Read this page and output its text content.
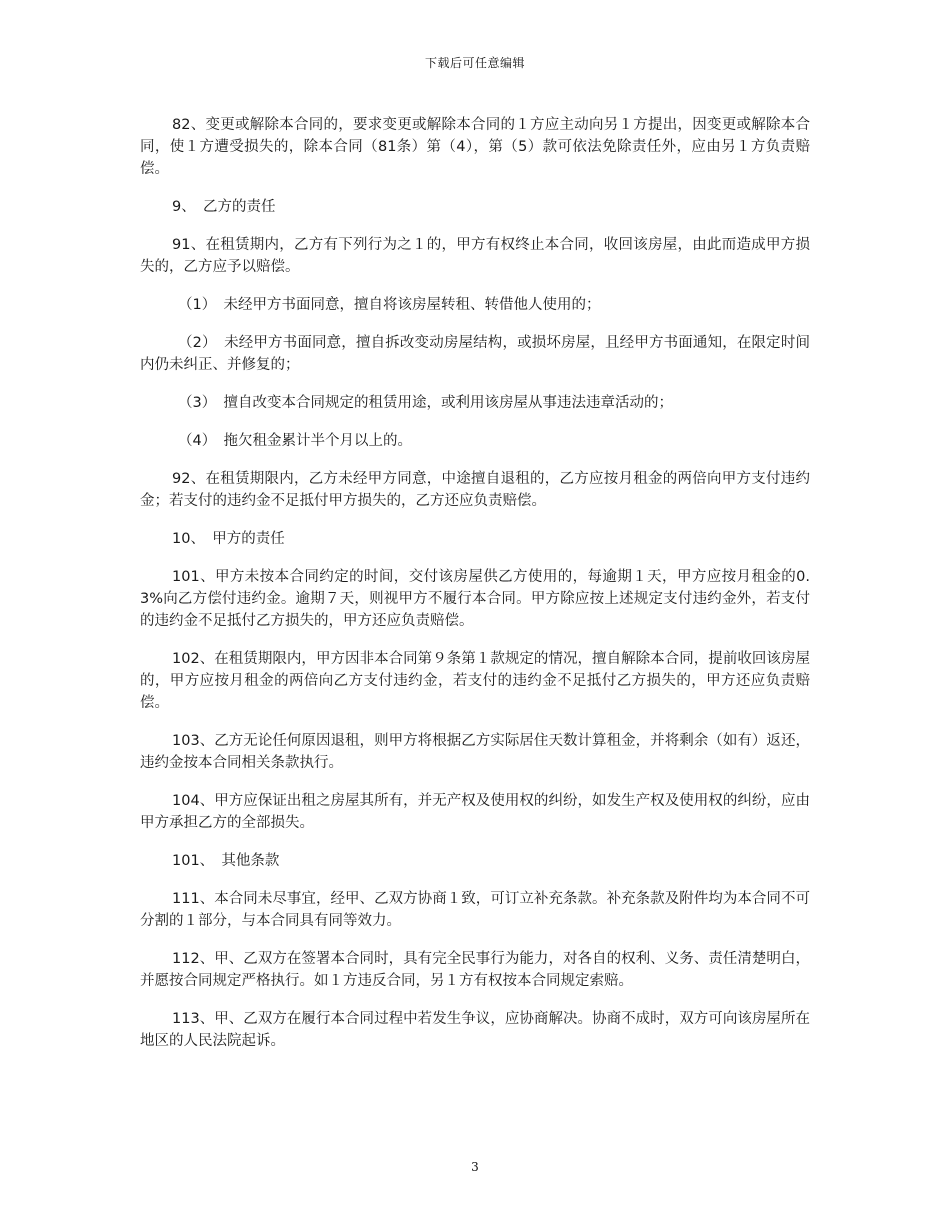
下载后可任意编辑

82、变更或解除本合同的，要求变更或解除本合同的１方应主动向另１方提出，因变更或解除本合同，使１方遭受损失的，除本合同（81条）第（4），第（5）款可依法免除责任外，应由另１方负责赔偿。

9、　乙方的责任

91、在租赁期内，乙方有下列行为之１的，甲方有权终止本合同，收回该房屋，由此而造成甲方损失的，乙方应予以赔偿。

（1）　未经甲方书面同意，擅自将该房屋转租、转借他人使用的；

（2）　未经甲方书面同意，擅自拆改变动房屋结构，或损坏房屋，且经甲方书面通知，在限定时间内仍未纠正、并修复的；

（3）　擅自改变本合同规定的租赁用途，或利用该房屋从事违法违章活动的；

（4）　拖欠租金累计半个月以上的。

92、在租赁期限内，乙方未经甲方同意，中途擅自退租的，乙方应按月租金的两倍向甲方支付违约金；若支付的违约金不足抵付甲方损失的，乙方还应负责赔偿。

10、　甲方的责任

101、甲方未按本合同约定的时间，交付该房屋供乙方使用的，每逾期１天，甲方应按月租金的0.3%向乙方偿付违约金。逾期７天，则视甲方不履行本合同。甲方除应按上述规定支付违约金外，若支付的违约金不足抵付乙方损失的，甲方还应负责赔偿。

102、在租赁期限内，甲方因非本合同第９条第１款规定的情况，擅自解除本合同，提前收回该房屋的，甲方应按月租金的两倍向乙方支付违约金，若支付的违约金不足抵付乙方损失的，甲方还应负责赔偿。

103、乙方无论任何原因退租，则甲方将根据乙方实际居住天数计算租金，并将剩余（如有）返还，违约金按本合同相关条款执行。

104、甲方应保证出租之房屋其所有，并无产权及使用权的纠纷，如发生产权及使用权的纠纷，应由甲方承担乙方的全部损失。

101、　其他条款

111、本合同未尽事宜，经甲、乙双方协商１致，可订立补充条款。补充条款及附件均为本合同不可分割的１部分，与本合同具有同等效力。

112、甲、乙双方在签署本合同时，具有完全民事行为能力，对各自的权利、义务、责任清楚明白，并愿按合同规定严格执行。如１方违反合同，另１方有权按本合同规定索赔。

113、甲、乙双方在履行本合同过程中若发生争议，应协商解决。协商不成时，双方可向该房屋所在地区的人民法院起诉。

3
